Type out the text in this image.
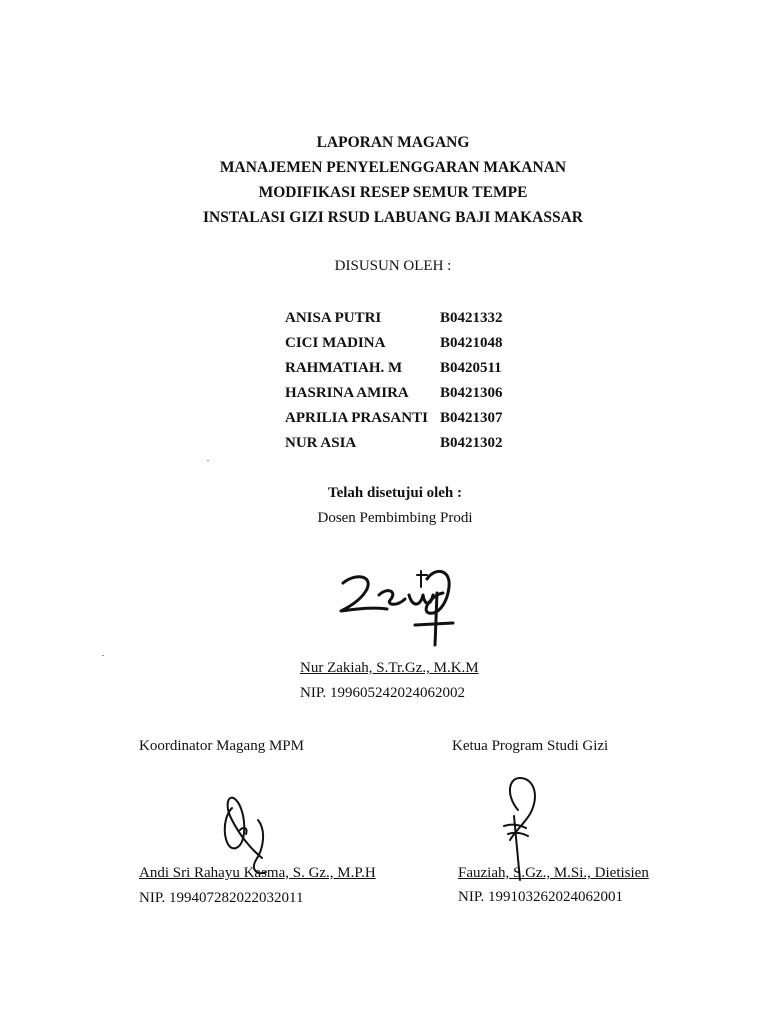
LAPORAN MAGANG
MANAJEMEN PENYELENGGARAN MAKANAN
MODIFIKASI RESEP SEMUR TEMPE
INSTALASI GIZI RSUD LABUANG BAJI MAKASSAR
DISUSUN OLEH :
ANISA PUTRI	B0421332
CICI MADINA	B0421048
RAHMATIAH. M	B0420511
HASRINA AMIRA B0421306
APRILIA PRASANTI B0421307
NUR ASIA	B0421302
Telah disetujui oleh :
Dosen Pembimbing Prodi
Nur Zakiah, S.Tr.Gz., M.K.M
NIP. 199605242024062002
Koordinator Magang MPM
Andi Sri Rahayu Kasma, S. Gz., M.P.H
NIP. 199407282022032011
Ketua Program Studi Gizi
Fauziah, S.Gz., M.Si., Dietisien
NIP. 199103262024062001
